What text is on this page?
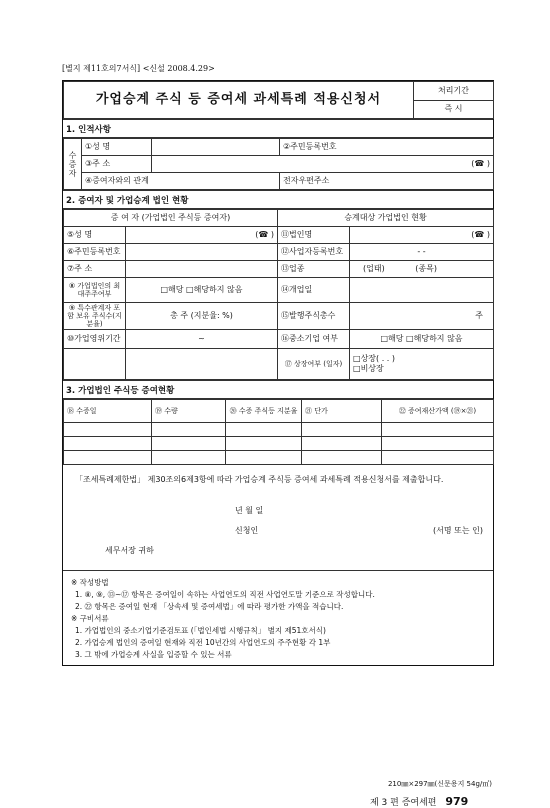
[별지 제11호의7서식] <신설 2008.4.29>
가업승계 주식 등 증여세 과세특례 적용신청서	처리기간
즉 시
1. 인적사항
수증자	①성 명		②주민등록번호
	③주 소	(☎ )	
	④증여자와의 관계		전자우편주소
2. 증여자 및 가업승계 법인 현황
증 여 자 (가업법인 주식등 증여자)		승계대상 가업법인 현황	
⑤성 명	(☎ )	⑪법인명	(☎ )
⑥주민등록번호		⑫사업자등록번호	- -
⑦주 소		⑬업종	(업태) (종목)
⑧ 가업법인의 최대주주여부	□해당 □해당하지 않음	⑭개업일	
⑨ 특수관계자 포함 보유 주식수(지분율)	총 주 (지분율: %)	⑮발행주식총수	주
⑩가업영위기간	~	⑯중소기업 여부	□해당 □해당하지 않음
		⑰ 상장여부 (일자)	□상장( . . )
□비상장
3. 가업법인 주식등 증여현황
⑱ 수증일	⑲ 수량	⑳ 수증 주식등 지분율	㉑ 단가	㉒ 증여재산가액 (⑲×㉑)

「조세특례제한법」 제30조의6제3항에 따라 가업승계 주식등 증여세 과세특례 적용신청서를 제출합니다.
년 월 일
신청인	(서명 또는 인)
세무서장 귀하
※ 작성방법
1. ⑧, ⑨, ⑬~⑰ 항목은 증여일이 속하는 사업연도의 직전 사업연도말 기준으로 작성합니다.
2. ㉒ 항목은 증여일 현재 「상속세 및 증여세법」에 따라 평가한 가액을 적습니다.
※ 구비서류
1. 가업법인의 중소기업기준검토표 (「법인세법 시행규칙」 별지 제51호서식)
2. 가업승계 법인의 증여일 현재와 직전 10년간의 사업연도의 주주현황 각 1부
3. 그 밖에 가업승계 사실을 입증할 수 있는 서류
210㎜×297㎜(신문용지 54g/㎡)
제 3 편 증여세편 979
